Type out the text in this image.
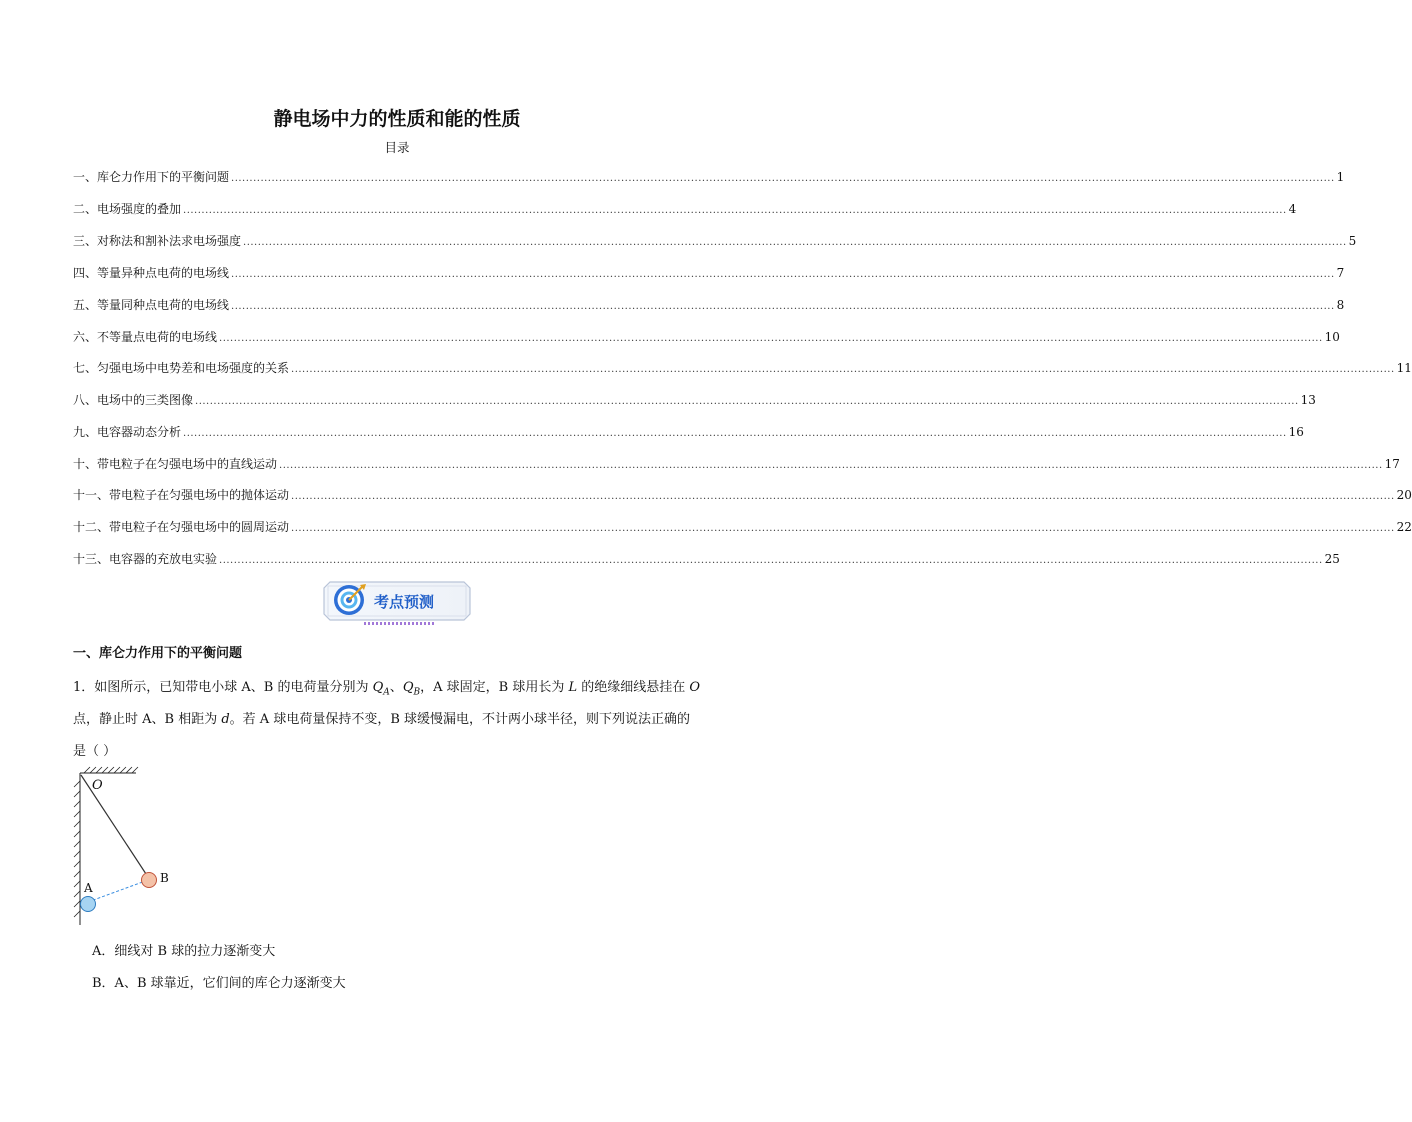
静电场中力的性质和能的性质
目录
一、库仑力作用下的平衡问题 ............................................................................................................................................................................................................................................................................................................ 1
二、电场强度的叠加 ............................................................................................................................................................................................................................................................................................................ 4
三、对称法和割补法求电场强度 ............................................................................................................................................................................................................................................................................................................ 5
四、等量异种点电荷的电场线 ............................................................................................................................................................................................................................................................................................................ 7
五、等量同种点电荷的电场线 ............................................................................................................................................................................................................................................................................................................ 8
六、不等量点电荷的电场线 ............................................................................................................................................................................................................................................................................................................ 10
七、匀强电场中电势差和电场强度的关系 ............................................................................................................................................................................................................................................................................................................ 11
八、电场中的三类图像 ............................................................................................................................................................................................................................................................................................................ 13
九、电容器动态分析 ............................................................................................................................................................................................................................................................................................................ 16
十、带电粒子在匀强电场中的直线运动 ............................................................................................................................................................................................................................................................................................................ 17
十一、带电粒子在匀强电场中的抛体运动 ............................................................................................................................................................................................................................................................................................................ 20
十二、带电粒子在匀强电场中的圆周运动 ............................................................................................................................................................................................................................................................................................................ 22
十三、电容器的充放电实验 ............................................................................................................................................................................................................................................................................................................ 25
考点预测
一、库仑力作用下的平衡问题
1．如图所示，已知带电小球 A、B 的电荷量分别为 $Q_A$、$Q_B$，A 球固定，B 球用长为 L 的绝缘细线悬挂在 O
点，静止时 A、B 相距为 d。若 A 球电荷量保持不变，B 球缓慢漏电，不计两小球半径，则下列说法正确的
是（ ）
O
A
B
A．细线对 B 球的拉力逐渐变大
B．A、B 球靠近，它们间的库仑力逐渐变大
